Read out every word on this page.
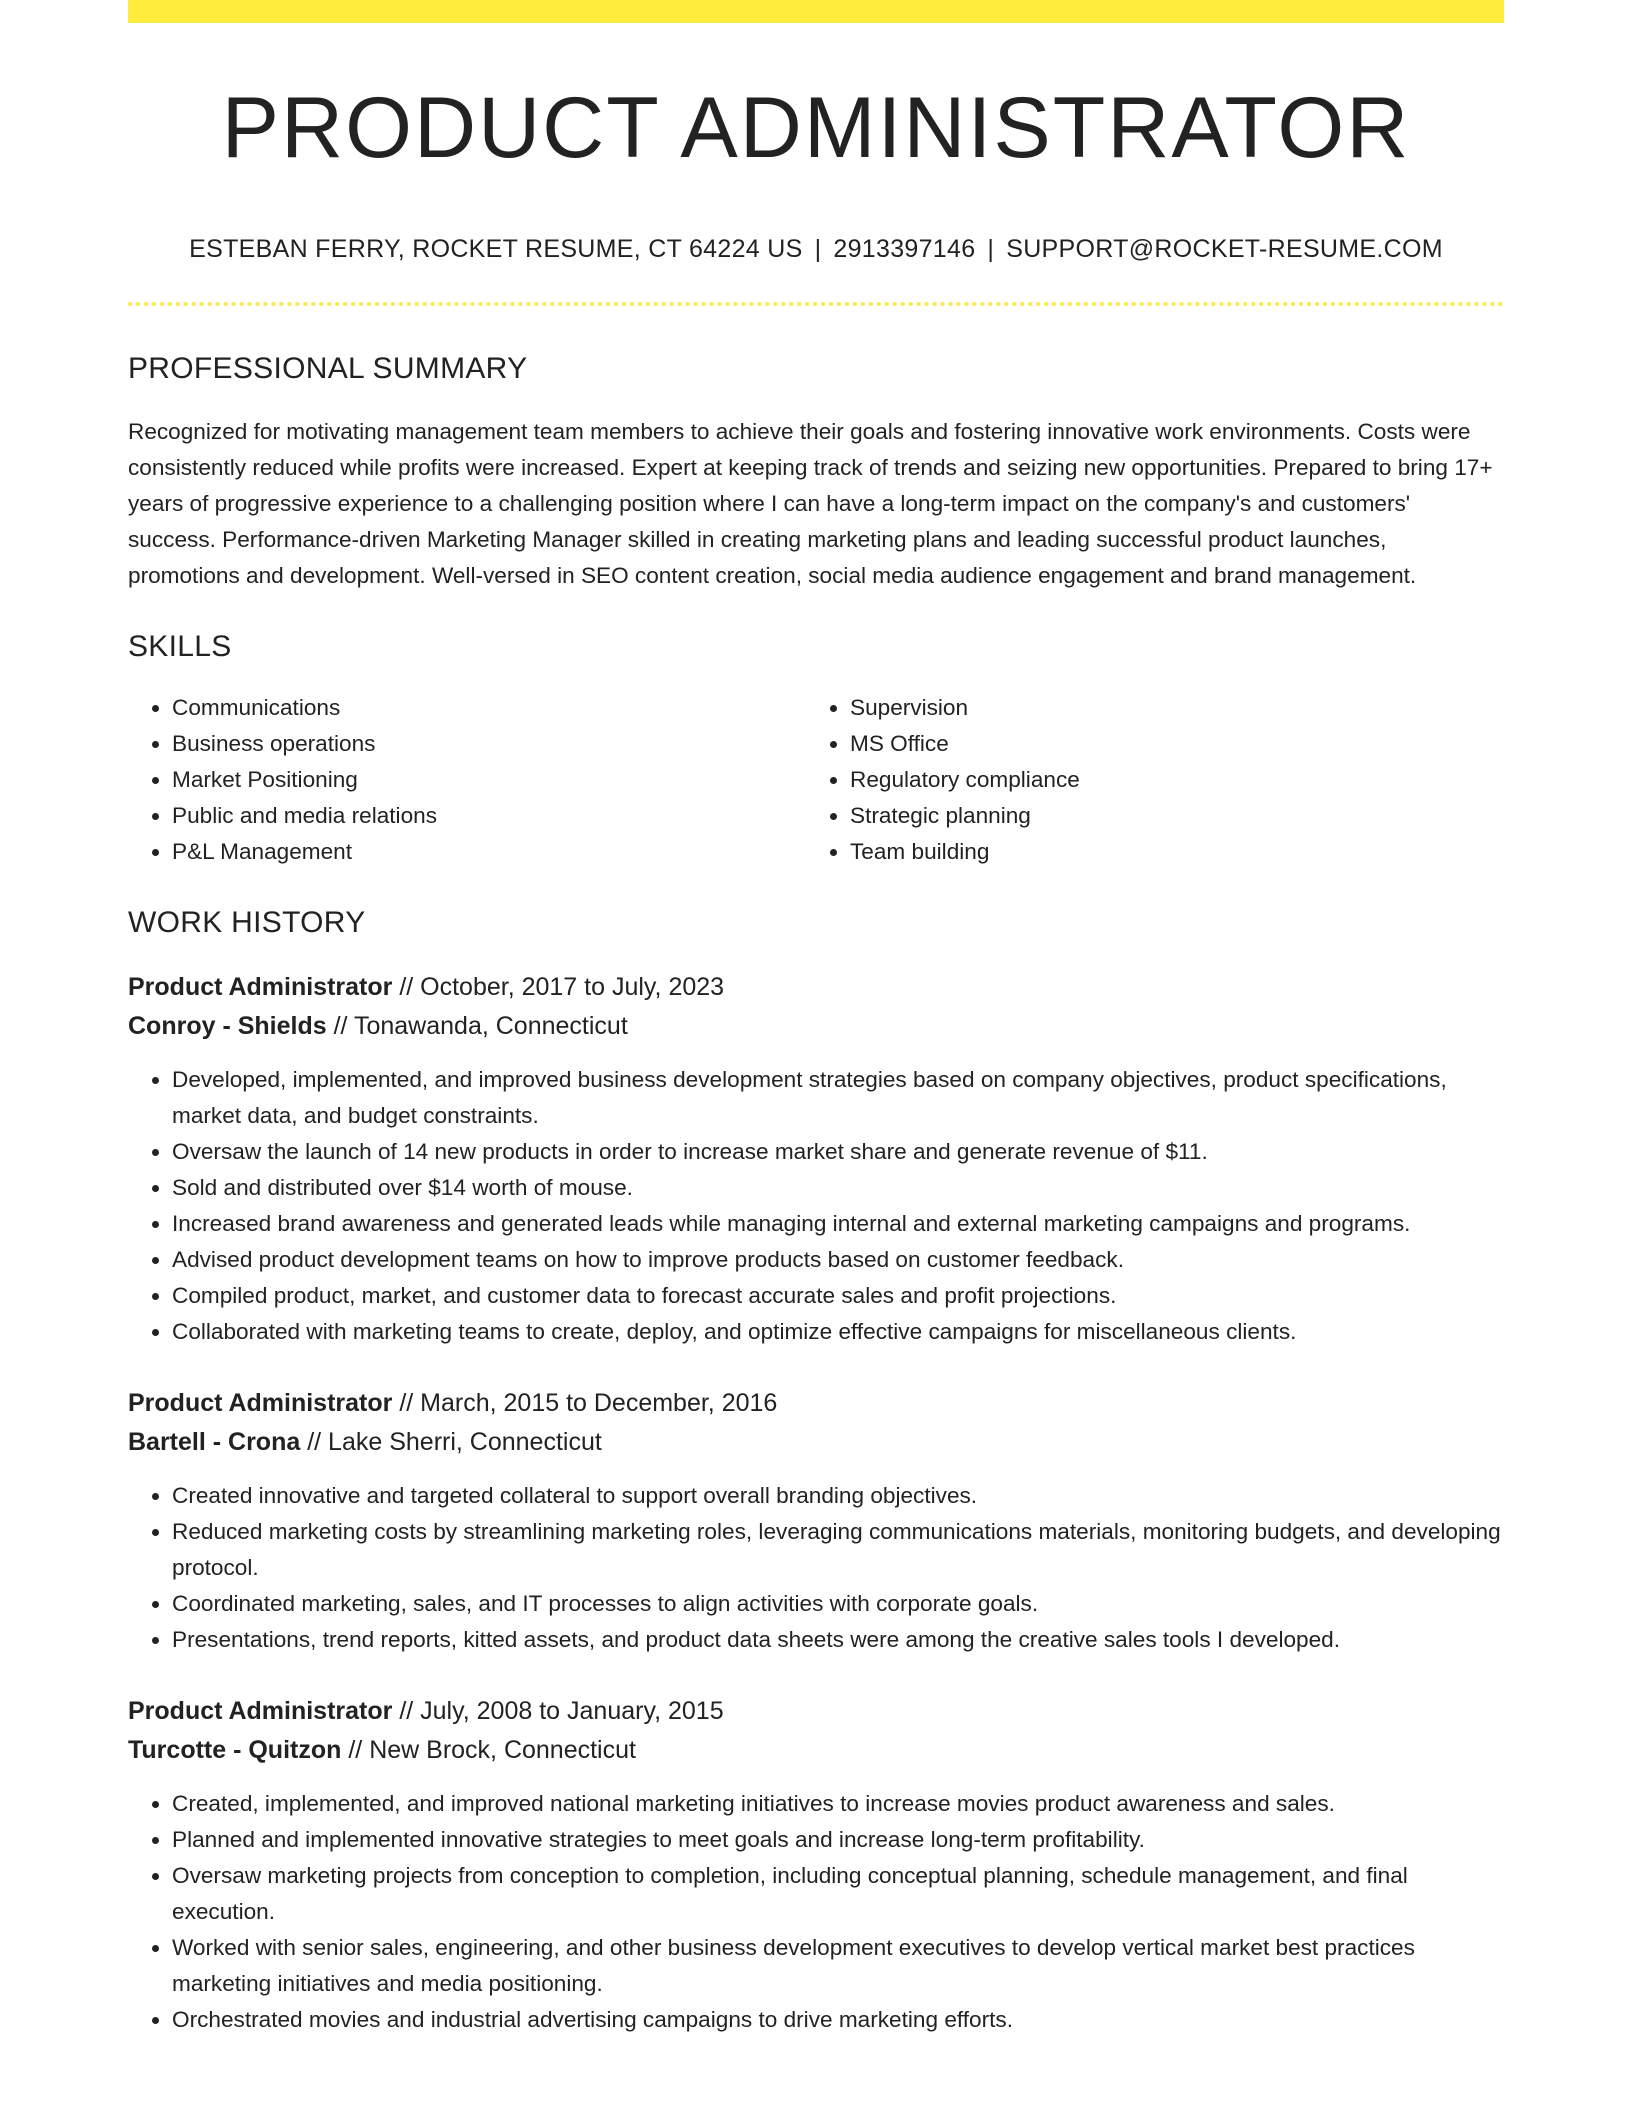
PRODUCT ADMINISTRATOR
ESTEBAN FERRY, ROCKET RESUME, CT 64224 US | 2913397146 | SUPPORT@ROCKET-RESUME.COM
PROFESSIONAL SUMMARY

Recognized for motivating management team members to achieve their goals and fostering innovative work environments. Costs were consistently reduced while profits were increased. Expert at keeping track of trends and seizing new opportunities. Prepared to bring 17+ years of progressive experience to a challenging position where I can have a long-term impact on the company's and customers' success. Performance-driven Marketing Manager skilled in creating marketing plans and leading successful product launches, promotions and development. Well-versed in SEO content creation, social media audience engagement and brand management.

SKILLS
• Communications
• Business operations
• Market Positioning
• Public and media relations
• P&L Management
• Supervision
• MS Office
• Regulatory compliance
• Strategic planning
• Team building
WORK HISTORY
Product Administrator // October, 2017 to July, 2023
Conroy - Shields // Tonawanda, Connecticut
• Developed, implemented, and improved business development strategies based on company objectives, product specifications, market data, and budget constraints.
• Oversaw the launch of 14 new products in order to increase market share and generate revenue of $11.
• Sold and distributed over $14 worth of mouse.
• Increased brand awareness and generated leads while managing internal and external marketing campaigns and programs.
• Advised product development teams on how to improve products based on customer feedback.
• Compiled product, market, and customer data to forecast accurate sales and profit projections.
• Collaborated with marketing teams to create, deploy, and optimize effective campaigns for miscellaneous clients.
Product Administrator // March, 2015 to December, 2016
Bartell - Crona // Lake Sherri, Connecticut
• Created innovative and targeted collateral to support overall branding objectives.
• Reduced marketing costs by streamlining marketing roles, leveraging communications materials, monitoring budgets, and developing protocol.
• Coordinated marketing, sales, and IT processes to align activities with corporate goals.
• Presentations, trend reports, kitted assets, and product data sheets were among the creative sales tools I developed.
Product Administrator // July, 2008 to January, 2015
Turcotte - Quitzon // New Brock, Connecticut
• Created, implemented, and improved national marketing initiatives to increase movies product awareness and sales.
• Planned and implemented innovative strategies to meet goals and increase long-term profitability.
• Oversaw marketing projects from conception to completion, including conceptual planning, schedule management, and final execution.
• Worked with senior sales, engineering, and other business development executives to develop vertical market best practices marketing initiatives and media positioning.
• Orchestrated movies and industrial advertising campaigns to drive marketing efforts.
